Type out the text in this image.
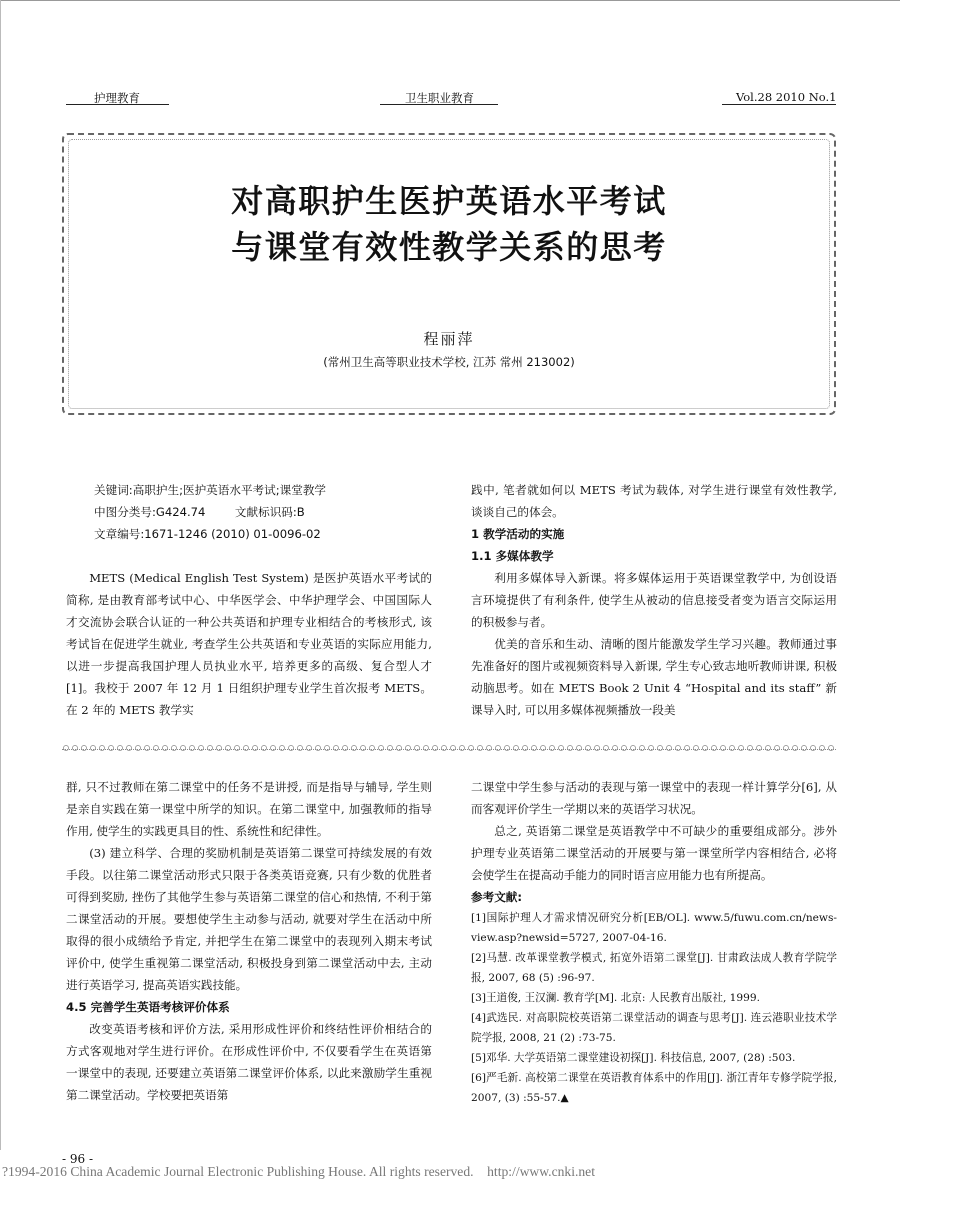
护理教育	卫生职业教育	Vol.28 2010 No.1
对高职护生医护英语水平考试
与课堂有效性教学关系的思考
程丽萍
(常州卫生高等职业技术学校, 江苏 常州 213002)

关键词:高职护生;医护英语水平考试;课堂教学

中图分类号:G424.74        文献标识码:B

文章编号:1671-1246 (2010) 01-0096-02

METS (Medical English Test System) 是医护英语水平考试的简称, 是由教育部考试中心、中华医学会、中华护理学会、中国国际人才交流协会联合认证的一种公共英语和护理专业相结合的考核形式, 该考试旨在促进学生就业, 考查学生公共英语和专业英语的实际应用能力, 以进一步提高我国护理人员执业水平, 培养更多的高级、复合型人才[1]。我校于 2007 年 12 月 1 日组织护理专业学生首次报考 METS。在 2 年的 METS 教学实

践中, 笔者就如何以 METS 考试为载体, 对学生进行课堂有效性教学, 谈谈自己的体会。

1 教学活动的实施

1.1 多媒体教学

利用多媒体导入新课。将多媒体运用于英语课堂教学中, 为创设语言环境提供了有利条件, 使学生从被动的信息接受者变为语言交际运用的积极参与者。

优美的音乐和生动、清晰的图片能激发学生学习兴趣。教师通过事先准备好的图片或视频资料导入新课, 学生专心致志地听教师讲课, 积极动脑思考。如在 METS Book 2 Unit 4 “Hospital and its staff” 新课导入时, 可以用多媒体视频播放一段美

群, 只不过教师在第二课堂中的任务不是讲授, 而是指导与辅导, 学生则是亲自实践在第一课堂中所学的知识。在第二课堂中, 加强教师的指导作用, 使学生的实践更具目的性、系统性和纪律性。

(3) 建立科学、合理的奖励机制是英语第二课堂可持续发展的有效手段。以往第二课堂活动形式只限于各类英语竞赛, 只有少数的优胜者可得到奖励, 挫伤了其他学生参与英语第二课堂的信心和热情, 不利于第二课堂活动的开展。要想使学生主动参与活动, 就要对学生在活动中所取得的很小成绩给予肯定, 并把学生在第二课堂中的表现列入期末考试评价中, 使学生重视第二课堂活动, 积极投身到第二课堂活动中去, 主动进行英语学习, 提高英语实践技能。

4.5 完善学生英语考核评价体系

改变英语考核和评价方法, 采用形成性评价和终结性评价相结合的方式客观地对学生进行评价。在形成性评价中, 不仅要看学生在英语第一课堂中的表现, 还要建立英语第二课堂评价体系, 以此来激励学生重视第二课堂活动。学校要把英语第

二课堂中学生参与活动的表现与第一课堂中的表现一样计算学分[6], 从而客观评价学生一学期以来的英语学习状况。

总之, 英语第二课堂是英语教学中不可缺少的重要组成部分。涉外护理专业英语第二课堂活动的开展要与第一课堂所学内容相结合, 必将会使学生在提高动手能力的同时语言应用能力也有所提高。

参考文献:

[1]国际护理人才需求情况研究分析[EB/OL]. www.5/fuwu.com.cn/news-view.asp?newsid=5727, 2007-04-16.

[2]马慧. 改革课堂教学模式, 拓宽外语第二课堂[J]. 甘肃政法成人教育学院学报, 2007, 68 (5) :96-97.

[3]王道俊, 王汉澜. 教育学[M]. 北京: 人民教育出版社, 1999.

[4]武选民. 对高职院校英语第二课堂活动的调查与思考[J]. 连云港职业技术学院学报, 2008, 21 (2) :73-75.

[5]邓华. 大学英语第二课堂建设初探[J]. 科技信息, 2007, (28) :503.

[6]严毛新. 高校第二课堂在英语教育体系中的作用[J]. 浙江青年专修学院学报, 2007, (3) :55-57.▲

- 96 -
?1994-2016 China Academic Journal Electronic Publishing House. All rights reserved.    http://www.cnki.net
